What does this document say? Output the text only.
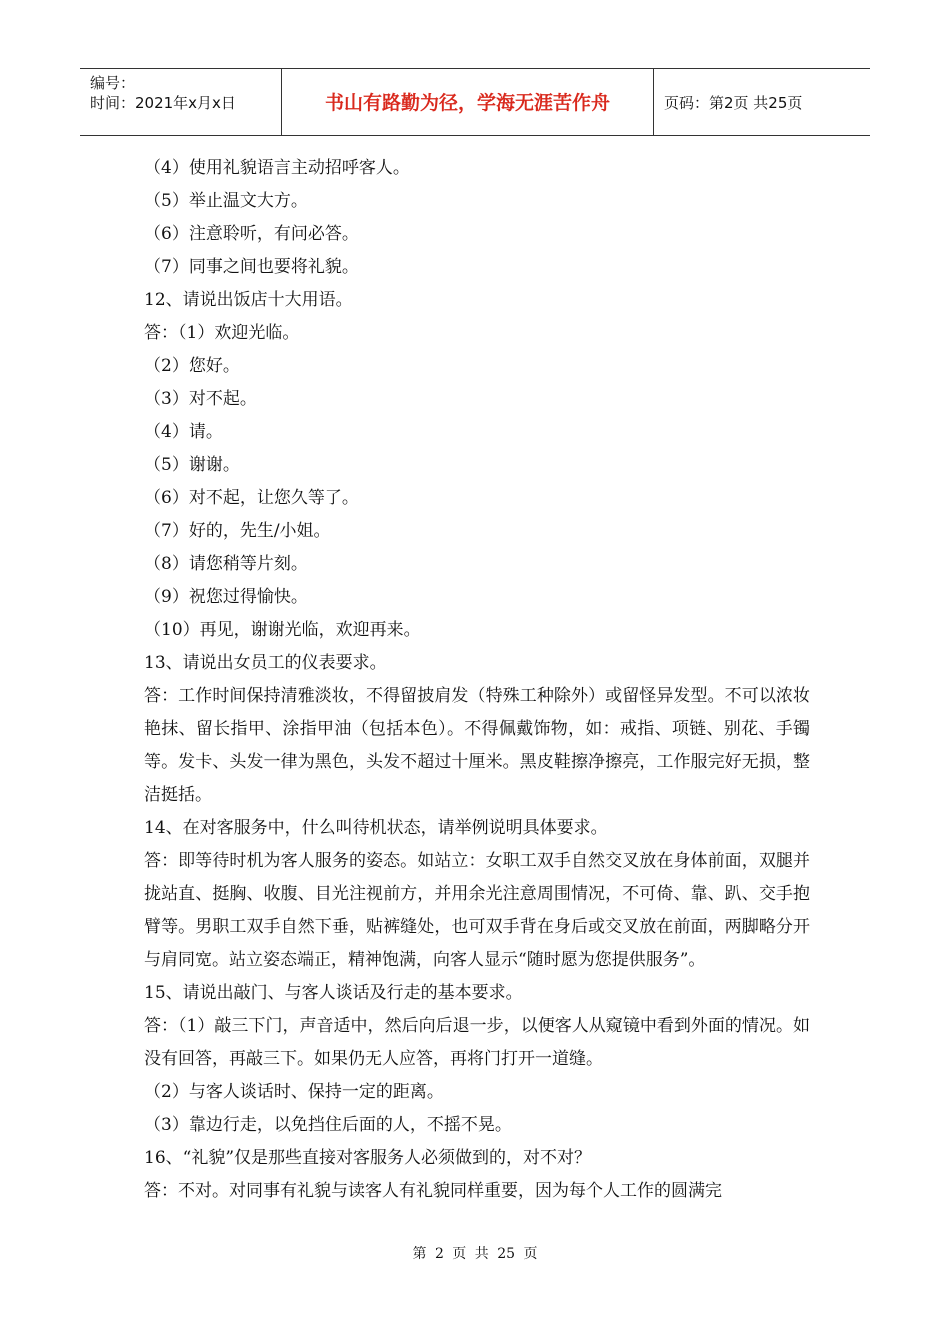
编号：
时间：2021年x月x日	书山有路勤为径，学海无涯苦作舟	页码：第2页 共25页

（4）使用礼貌语言主动招呼客人。

（5）举止温文大方。

（6）注意聆听，有问必答。

（7）同事之间也要将礼貌。

12、请说出饭店十大用语。

答：（1）欢迎光临。

（2）您好。

（3）对不起。

（4）请。

（5）谢谢。

（6）对不起，让您久等了。

（7）好的，先生/小姐。

（8）请您稍等片刻。

（9）祝您过得愉快。

（10）再见，谢谢光临，欢迎再来。

13、请说出女员工的仪表要求。

答：工作时间保持清雅淡妆，不得留披肩发（特殊工种除外）或留怪异发型。不可以浓妆艳抹、留长指甲、涂指甲油（包括本色）。不得佩戴饰物，如：戒指、项链、别花、手镯等。发卡、头发一律为黑色，头发不超过十厘米。黑皮鞋擦净擦亮，工作服完好无损，整洁挺括。

14、在对客服务中，什么叫待机状态，请举例说明具体要求。

答：即等待时机为客人服务的姿态。如站立：女职工双手自然交叉放在身体前面，双腿并拢站直、挺胸、收腹、目光注视前方，并用余光注意周围情况，不可倚、靠、趴、交手抱臂等。男职工双手自然下垂，贴裤缝处，也可双手背在身后或交叉放在前面，两脚略分开与肩同宽。站立姿态端正，精神饱满，向客人显示“随时愿为您提供服务”。

15、请说出敲门、与客人谈话及行走的基本要求。

答：（1）敲三下门，声音适中，然后向后退一步，以便客人从窥镜中看到外面的情况。如没有回答，再敲三下。如果仍无人应答，再将门打开一道缝。

（2）与客人谈话时、保持一定的距离。

（3）靠边行走，以免挡住后面的人，不摇不晃。

16、“礼貌”仅是那些直接对客服务人必须做到的，对不对？

答：不对。对同事有礼貌与读客人有礼貌同样重要，因为每个人工作的圆满完

第 2 页 共 25 页
